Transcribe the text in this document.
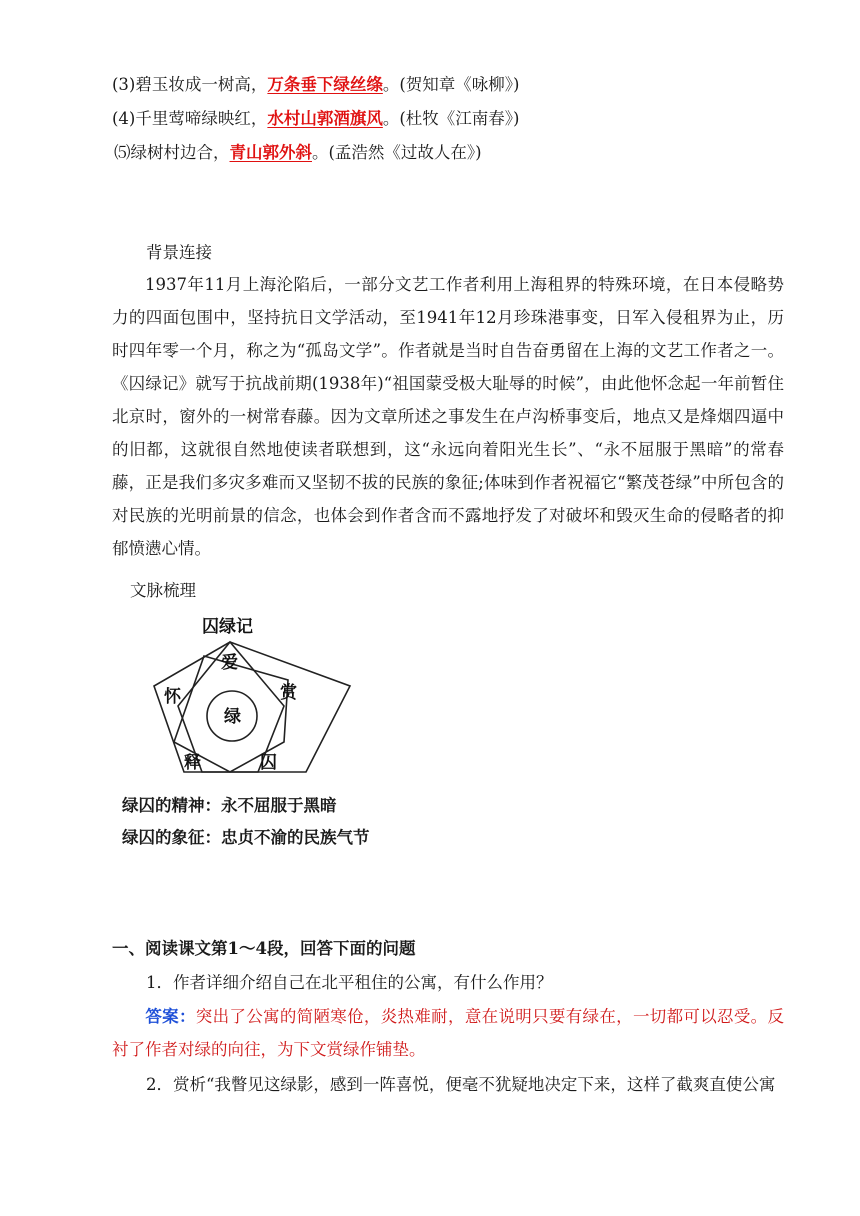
(3)碧玉妆成一树高，万条垂下绿丝绦。(贺知章《咏柳》)
(4)千里莺啼绿映红，水村山郭酒旗风。(杜牧《江南春》)
⑸绿树村边合，青山郭外斜。(孟浩然《过故人在》)
背景连接
1937年11月上海沦陷后，一部分文艺工作者利用上海租界的特殊环境，在日本侵略势力的四面包围中，坚持抗日文学活动，至1941年12月珍珠港事变，日军入侵租界为止，历时四年零一个月，称之为“孤岛文学”。作者就是当时自告奋勇留在上海的文艺工作者之一。《囚绿记》就写于抗战前期(1938年)“祖国蒙受极大耻辱的时候”，由此他怀念起一年前暂住北京时，窗外的一树常春藤。因为文章所述之事发生在卢沟桥事变后，地点又是烽烟四逼中的旧都，这就很自然地使读者联想到，这“永远向着阳光生长”、“永不屈服于黑暗”的常春藤，正是我们多灾多难而又坚韧不拔的民族的象征;体味到作者祝福它“繁茂苍绿”中所包含的对民族的光明前景的信念，也体会到作者含而不露地抒发了对破坏和毁灭生命的侵略者的抑郁愤懑心情。
文脉梳理
囚绿记
爱
赏
囚
释
怀
绿
绿囚的精神：永不屈服于黑暗
绿囚的象征：忠贞不渝的民族气节
一、阅读课文第1～4段，回答下面的问题
1．作者详细介绍自己在北平租住的公寓，有什么作用？
答案：突出了公寓的简陋寒伧，炎热难耐，意在说明只要有绿在，一切都可以忍受。反衬了作者对绿的向往，为下文赏绿作铺垫。
2．赏析“我瞥见这绿影，感到一阵喜悦，便毫不犹疑地决定下来，这样了截爽直使公寓
